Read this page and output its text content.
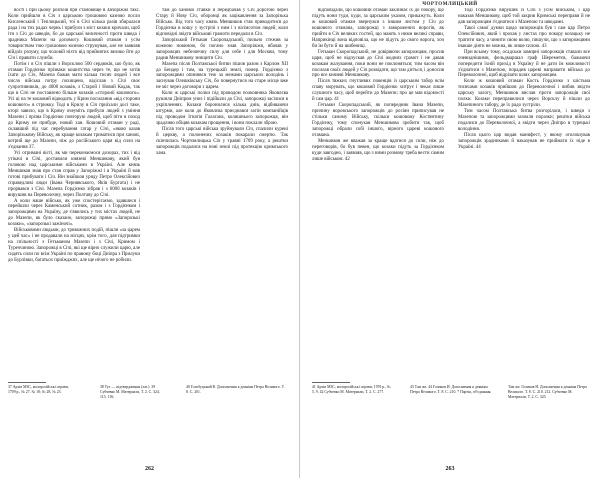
вості і при цьому розпоїв при становище в Запоріжжі такс. Коли прийшли в Січ з царською грошовою казною посли Кисленський і Теплицький, тої в Січі кілька разів збиралася рада і на тих радах чернь і прибули з міст козаки кричали, щоб іти з Січ до шведів, бо до царської величності проти шведа і зрадника Мазепи на допомогу. Кошовий отаман з усім товариством тою грошовою козною струмував, але не заявляв війдзіх розуму, що чоловій ніхто від прийнятих велико йти до Січ і правити служби.

Потім і в Січ пішли з Ворсклою 500 сердюків, шо було, як отаман Гордієнко прізваки кошитства через те, що не хотів їхати до Січ, Мазепа бажав мати кілька тисяч людей і все число війська потру похищено, відіслав з Січі своє супротивників, до 4000 козаків, з Старой і Новий Кодак, так що в Січі не поставлено більше козаків «сторонії кошового». Усі ці на те кошовий відводить у Крим посилання «від сторони кошового» в стрижку. Тоді в Крилу в Січ приїхали досі таке, кторі завило, що в Криму очеуміть прибули людей з уміння Мазепи і прізва Гордієнко повторую людей, щоб піти в поход до Криму не прибуде, новий хан. Кошовий отаман у раді, склавший під час перебування гатар у Січі, «якою казав Запорізькому Війську, як краще козакам триматися при ханові, котрий ще до Мазепи, ніж до російського царя від сили на з'єднання 37.

Усі отримані вісті, як ми переконаємося дозорах, тих і від утікачі в Січі, доставили князеві Меншикову, який був головою над царськими військами в Україні. Але князь Меншиков знав про стан справ у Запоріжжі і в Україні й мав готові прибувати і Січ. Він знайшов уряду Петро Олексійович справедливі люди (Івана Чернявського, Яків Бургата) і не прорвався з Січі. Мазепа Гордієнко зібрав і з 6000 козаків і вирушив на Переволочну, через Полтаву до Січі.

А коли наше військо, як уже спостерігаємо, здавшися і перейшли через Каменський сотник, разом і з Гордієнком і запорожцями на Україну, де з'явились у тих містах людей, не до Мазепи, як було сказано, запорожці прямо «Запорозькі козаки», «запорозькі зажіночі».

Військовими людьми, до тривожних подій, пішли «за царем у цей час» і не продавали на місцях, крім того, для підтримки на спільності з Гетьманом Мазепи і з Січі, Кримом і Туреччиною. Запорожці в Січі, які ще вірно служили царю, але сидять сили по всім Україні по правому боці Дніпра з Прилуки до Бурлівки, багатьох приїжджих, але ще нічого не робили.

там до ханової ставки й передбачав у Січ дорогою через Стару й Нову Січ, оборонці як зацікавлення за Запорізька Військо. Від того часу князь Меншиков став приводитися до Гордієнка в кошу у зустрічі з ним і з вісімсотом людей, коли відповідні звідти військові грамоти передали в Січ.

Запорізький Гетьман Скоропадський, пильно стежив за кожною новиною, бо погано знав Запоріжжя, вбачав у запорожцях небезпечну силу для себе і для Москви, тому радив Меншикову знищити Січ.

Мазепа після Полтавської битви пішов разом з Карлом XII до Бендер і там, на турецькій землі, помер. Гордієнко з запорожцями опинився теж за межами царських володінь і заснував Олешківську Січ, бо повернутися на старе місце вже не міг через договори з царем.

Коли ж царські полки під проводом полковника Яковлєва рушили Дніпром униз і підійшли до Січі, запорожці засілися в укріпленнях. Козаки боронилися кілька днів, відбиваючи штурми, але коли до Яковлєва приєднався загін компанійців під проводом Ігнатія Галагана, колишнього запорожця, він зрадливо обіцяв козакам прощення, і вони поклали зброю.

Після того царські війська зруйнували Січ, спалили курені й церкву, а полонених козаків покарали смертю. Так скінчилась Чортомлицька Січ у травні 1709 року, а рештки запорожців подалися на нові землі під протекцію кримського хана.

37 Архів МЗС, малоросійські справи, 1709 р., № 27. № 18; № 28, № 23.
38 Тут — підтвердження (лат.). 39 Субчевко М. Материали, Т. 2. С. 324, 115, 116;
40 Голобуцький В. Дополнения к деяніям Петра Великого. Т. 8. С. 201.
262
ЧОРТОМЛИЦЬКИЙ

відповідали, що кошовий отаман заклинає їх до покору, що підуть вони туди, куди, за царським указом, прикажуть. Коли ж кошовий отаман звернувся з іншим листом у Січ до кошового отамана, запорожці з заворожених ворогів, як прийти в Січ великих гостей, що мають з ними великі справи, Наприкінці вона відповіла, що не підуть до свого ворога, хоч би їм бути й на шибениці.

Гетьман Скоропадський, не довіряючи запорожцям, просив царя, щоб не відпускав до Січі жодних грамот і не давав козакам жалування, поки вони не поклоняться; тим часом він посилав своїх людей у Січ розвідати, що там діється, і доносив про все князеві Меншикову.

Після тяжких гнутливих повенців із царським табор всім спаву морувать, що кошовий Гордієнко хитрує і чекає лише слушного часу, щоб перейти до Мазепи; про це мав відомості й сам цар. 41

Гетьман Скоропадський, як попередник Івана Мазепи, причину воровського запорожців до росіян приписував не стільки самому Війську, скільки кошовому Костянтину Гордієнку, тому спонукав Меншикова зробити так, щоб запорожці обрали собі іншого, вірного цареві кошового отамана.

Меншиков же вважав за краще вдатися до сили, ніж до переговорів, бо був певен, що козаки підуть за Гордієнком куди завгодно, і заявляв, що з ними розмову треба вести самим лише військом. 42

Тоді Гордієнко вирушив із Січі з усім військом, і цар наказав Меншикову, щоб той закрив Кримські переправи й не дав запорожцям з'єднатися з Мазепою та шведами.

Такої самої думки щодо запорожців був і сам цар Петро Олексійович, який і прохав у листах про покору козацьку не тратити часу, а чинити свою волю, пишучи, що з запорожцями інакше діяти не можна, як лише силою. 43

При всьому тому, осадськи замирні запорожців ставали все очевиднішими, фельдмаршал граф Шереметєв, бажаючи попередити їхній прихід в Україну й не дати їм можливості з'єднатися з Мазепою, порадив цареві направити війська до Переволочної, щоб відрізати шлях запорожцям.

Коли ж кошовий отаман Кость Гордієнко з шістьма тисячами козаків прийшов до Переволочної і вибив звідти царську залогу, Меншиков вислав проти запорожців свої полки. Козаки переправилися через Ворсклу й пішли до Мазепиного табору, де їх радо зустріли.

Тим часом Полтавська битва розгорілася, і шведи з Мазепою та запорожцями зазнали поразки; рештки війська подалися до Переволочної, а звідти через Дніпро в турецькі володіння.

Після цього цар видав манифест, у якому оголошував запорожців зрадниками й наказував не приймати їх ніде в Україні. 44

41 Архів МЗС, малоросійські справи, 1709 р., № 5, 9. 42 Субчевко М. Материали, Т. 2. С. 277.
43 Там же. 44 Голиков И. Дополнения к деяніям Петра Великого. Т. 8. С. 210. * Партія, об'єднання.
Там же. Голиков И. Дополнения к деяніям Петра Великого. Т. 8. С. 210. 212. Субчевко М. Материали, Т. 2. С. 325.
263
